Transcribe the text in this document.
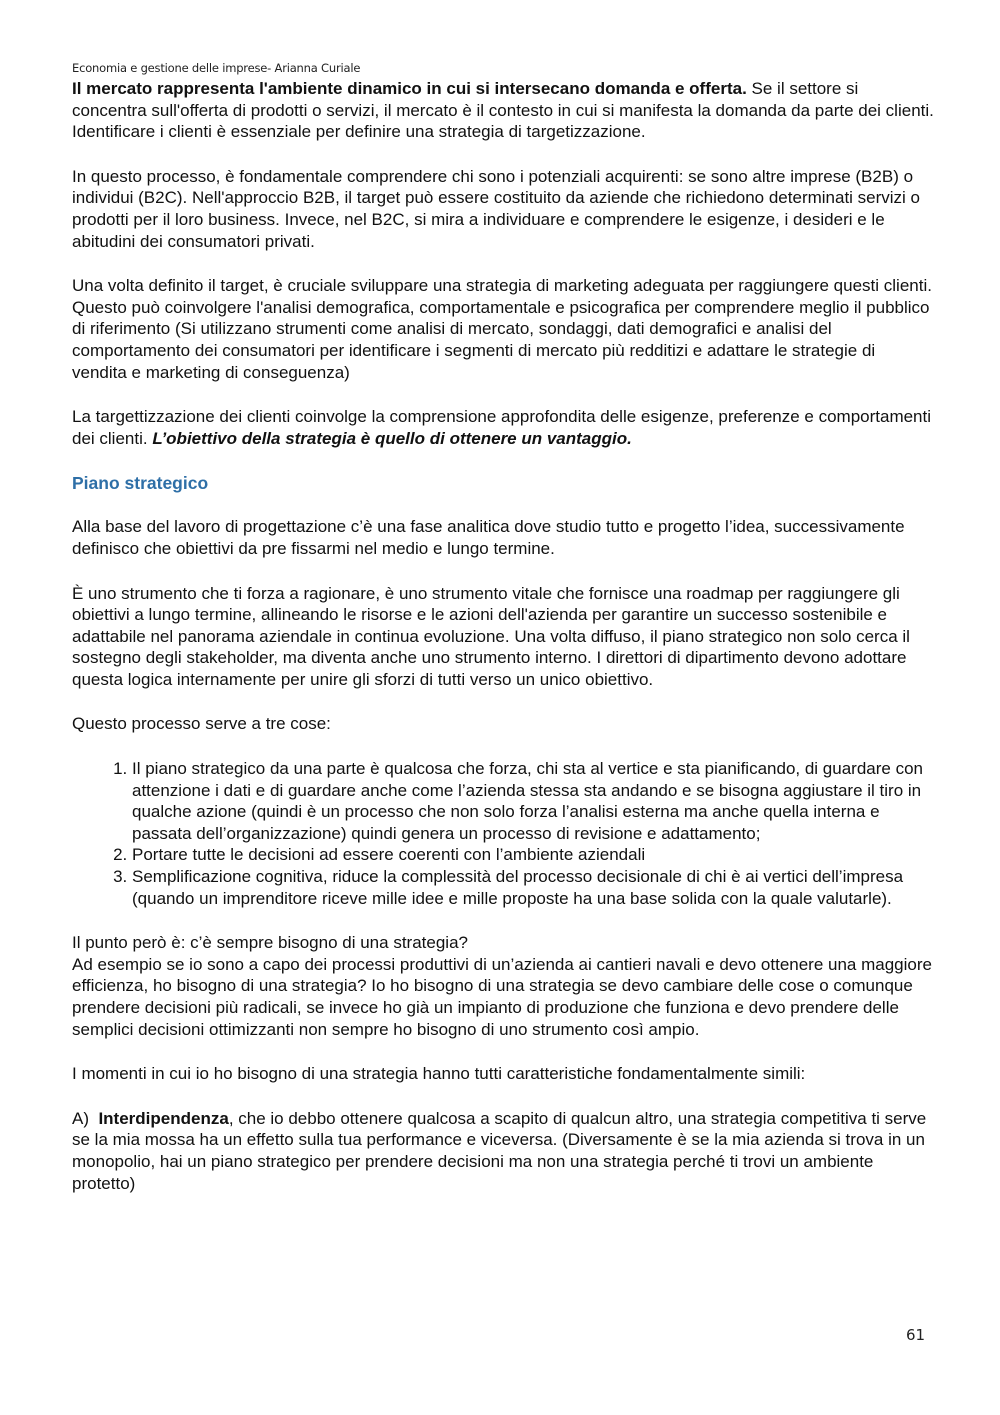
Economia e gestione delle imprese- Arianna Curiale

Il mercato rappresenta l'ambiente dinamico in cui si intersecano domanda e offerta. Se il settore si concentra sull'offerta di prodotti o servizi, il mercato è il contesto in cui si manifesta la domanda da parte dei clienti. Identificare i clienti è essenziale per definire una strategia di targetizzazione.

In questo processo, è fondamentale comprendere chi sono i potenziali acquirenti: se sono altre imprese (B2B) o individui (B2C). Nell'approccio B2B, il target può essere costituito da aziende che richiedono determinati servizi o prodotti per il loro business. Invece, nel B2C, si mira a individuare e comprendere le esigenze, i desideri e le abitudini dei consumatori privati.

Una volta definito il target, è cruciale sviluppare una strategia di marketing adeguata per raggiungere questi clienti. Questo può coinvolgere l'analisi demografica, comportamentale e psicografica per comprendere meglio il pubblico di riferimento (Si utilizzano strumenti come analisi di mercato, sondaggi, dati demografici e analisi del comportamento dei consumatori per identificare i segmenti di mercato più redditizi e adattare le strategie di vendita e marketing di conseguenza)

La targettizzazione dei clienti coinvolge la comprensione approfondita delle esigenze, preferenze e comportamenti dei clienti. L’obiettivo della strategia è quello di ottenere un vantaggio.

Piano strategico

Alla base del lavoro di progettazione c’è una fase analitica dove studio tutto e progetto l’idea, successivamente definisco che obiettivi da pre fissarmi nel medio e lungo termine.

È uno strumento che ti forza a ragionare, è uno strumento vitale che fornisce una roadmap per raggiungere gli obiettivi a lungo termine, allineando le risorse e le azioni dell'azienda per garantire un successo sostenibile e adattabile nel panorama aziendale in continua evoluzione. Una volta diffuso, il piano strategico non solo cerca il sostegno degli stakeholder, ma diventa anche uno strumento interno. I direttori di dipartimento devono adottare questa logica internamente per unire gli sforzi di tutti verso un unico obiettivo.

Questo processo serve a tre cose:

1. Il piano strategico da una parte è qualcosa che forza, chi sta al vertice e sta pianificando, di guardare con attenzione i dati e di guardare anche come l’azienda stessa sta andando e se bisogna aggiustare il tiro in qualche azione (quindi è un processo che non solo forza l’analisi esterna ma anche quella interna e passata dell’organizzazione) quindi genera un processo di revisione e adattamento;
2. Portare tutte le decisioni ad essere coerenti con l’ambiente aziendali
3. Semplificazione cognitiva, riduce la complessità del processo decisionale di chi è ai vertici dell’impresa (quando un imprenditore riceve mille idee e mille proposte ha una base solida con la quale valutarle).

Il punto però è: c’è sempre bisogno di una strategia?

Ad esempio se io sono a capo dei processi produttivi di un’azienda ai cantieri navali e devo ottenere una maggiore efficienza, ho bisogno di una strategia? Io ho bisogno di una strategia se devo cambiare delle cose o comunque prendere decisioni più radicali, se invece ho già un impianto di produzione che funziona e devo prendere delle semplici decisioni ottimizzanti non sempre ho bisogno di uno strumento così ampio.

I momenti in cui io ho bisogno di una strategia hanno tutti caratteristiche fondamentalmente simili:

A)  Interdipendenza, che io debbo ottenere qualcosa a scapito di qualcun altro, una strategia competitiva ti serve se la mia mossa ha un effetto sulla tua performance e viceversa. (Diversamente è se la mia azienda si trova in un monopolio, hai un piano strategico per prendere decisioni ma non una strategia perché ti trovi un ambiente protetto)

61
